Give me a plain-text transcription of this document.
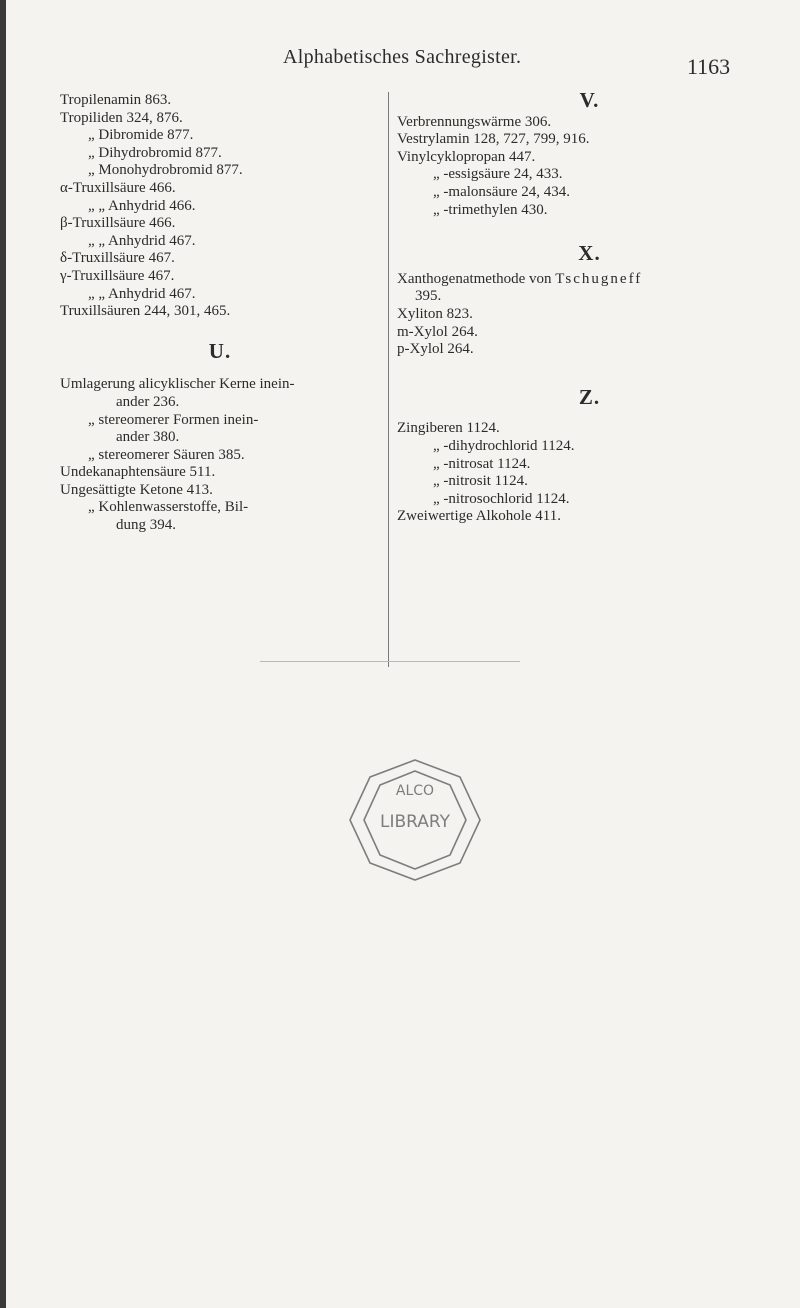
Alphabetisches Sachregister.	1163
Tropilenamin 863.
Tropiliden 324, 876.
„ Dibromide 877.
„ Dihydrobromid 877.
„ Monohydrobromid 877.
α-Truxillsäure 466.
„ „ Anhydrid 466.
β-Truxillsäure 466.
„ „ Anhydrid 467.
δ-Truxillsäure 467.
γ-Truxillsäure 467.
„ „ Anhydrid 467.
Truxillsäuren 244, 301, 465.
U.
Umlagerung alicyklischer Kerne inein-
ander 236.
„ stereomerer Formen inein-
ander 380.
„ stereomerer Säuren 385.
Undekanaphtensäure 511.
Ungesättigte Ketone 413.
„ Kohlenwasserstoffe, Bil-
dung 394.
V.
Verbrennungswärme 306.
Vestrylamin 128, 727, 799, 916.
Vinylcyklopropan 447.
„ -essigsäure 24, 433.
„ -malonsäure 24, 434.
„ -trimethylen 430.
X.
Xanthogenatmethode von Tschugneff
395.
Xyliton 823.
m-Xylol 264.
p-Xylol 264.
Z.
Zingiberen 1124.
„ -dihydrochlorid 1124.
„ -nitrosat 1124.
„ -nitrosit 1124.
„ -nitrosochlorid 1124.
Zweiwertige Alkohole 411.
ALCO
LIBRARY
